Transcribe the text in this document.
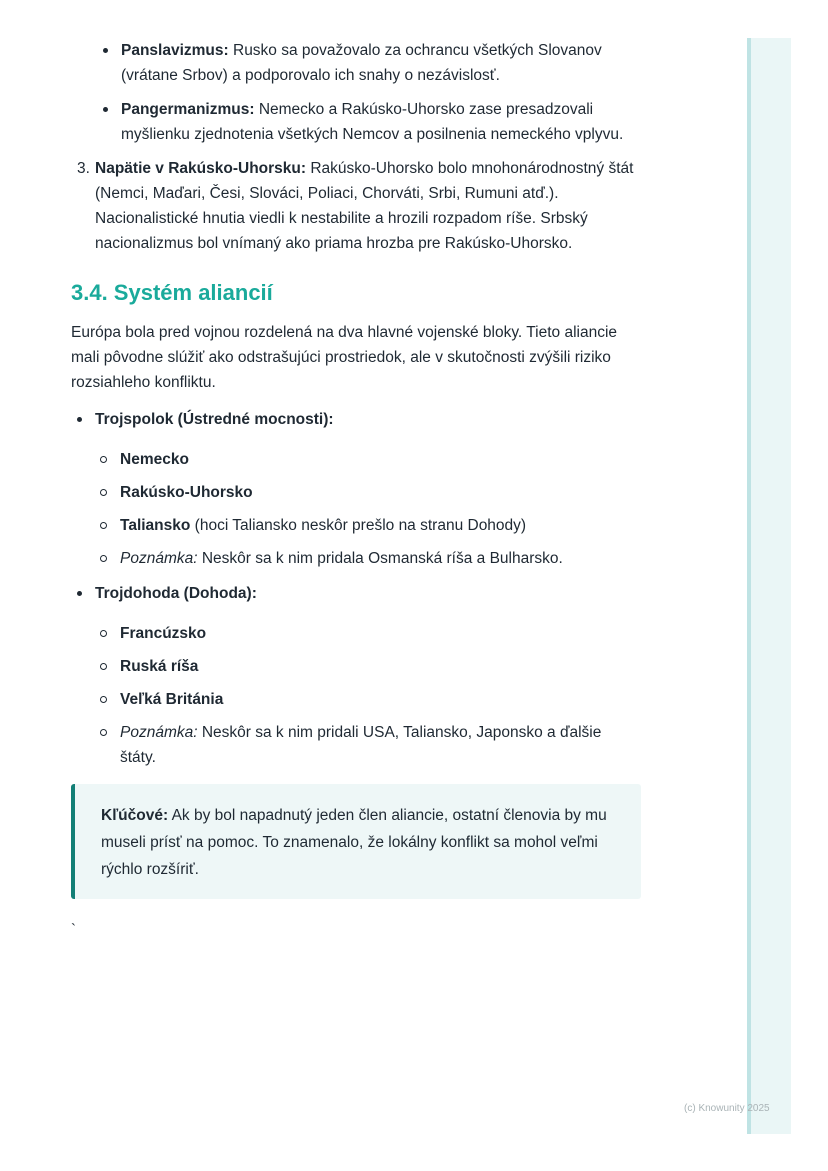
Panslavizmus: Rusko sa považovalo za ochrancu všetkých Slovanov (vrátane Srbov) a podporovalo ich snahy o nezávislosť.
Pangermanizmus: Nemecko a Rakúsko-Uhorsko zase presadzovali myšlienku zjednotenia všetkých Nemcov a posilnenia nemeckého vplyvu.
3. Napätie v Rakúsko-Uhorsku: Rakúsko-Uhorsko bolo mnohonárodnostný štát (Nemci, Maďari, Česi, Slováci, Poliaci, Chorváti, Srbi, Rumuni atď.). Nacionalistické hnutia viedli k nestabilite a hrozili rozpadom ríše. Srbský nacionalizmus bol vnímaný ako priama hrozba pre Rakúsko-Uhorsko.
3.4. Systém aliancií

Európa bola pred vojnou rozdelená na dva hlavné vojenské bloky. Tieto aliancie mali pôvodne slúžiť ako odstrašujúci prostriedok, ale v skutočnosti zvýšili riziko rozsiahleho konfliktu.

Trojspolok (Ústredné mocnosti):
Nemecko
Rakúsko-Uhorsko
Taliansko (hoci Taliansko neskôr prešlo na stranu Dohody)
Poznámka: Neskôr sa k nim pridala Osmanská ríša a Bulharsko.
Trojdohoda (Dohoda):
Francúzsko
Ruská ríša
Veľká Británia
Poznámka: Neskôr sa k nim pridali USA, Taliansko, Japonsko a ďalšie štáty.
Kľúčové: Ak by bol napadnutý jeden člen aliancie, ostatní členovia by mu museli prísť na pomoc. To znamenalo, že lokálny konflikt sa mohol veľmi rýchlo rozšíriť.
`
(c) Knowunity 2025
